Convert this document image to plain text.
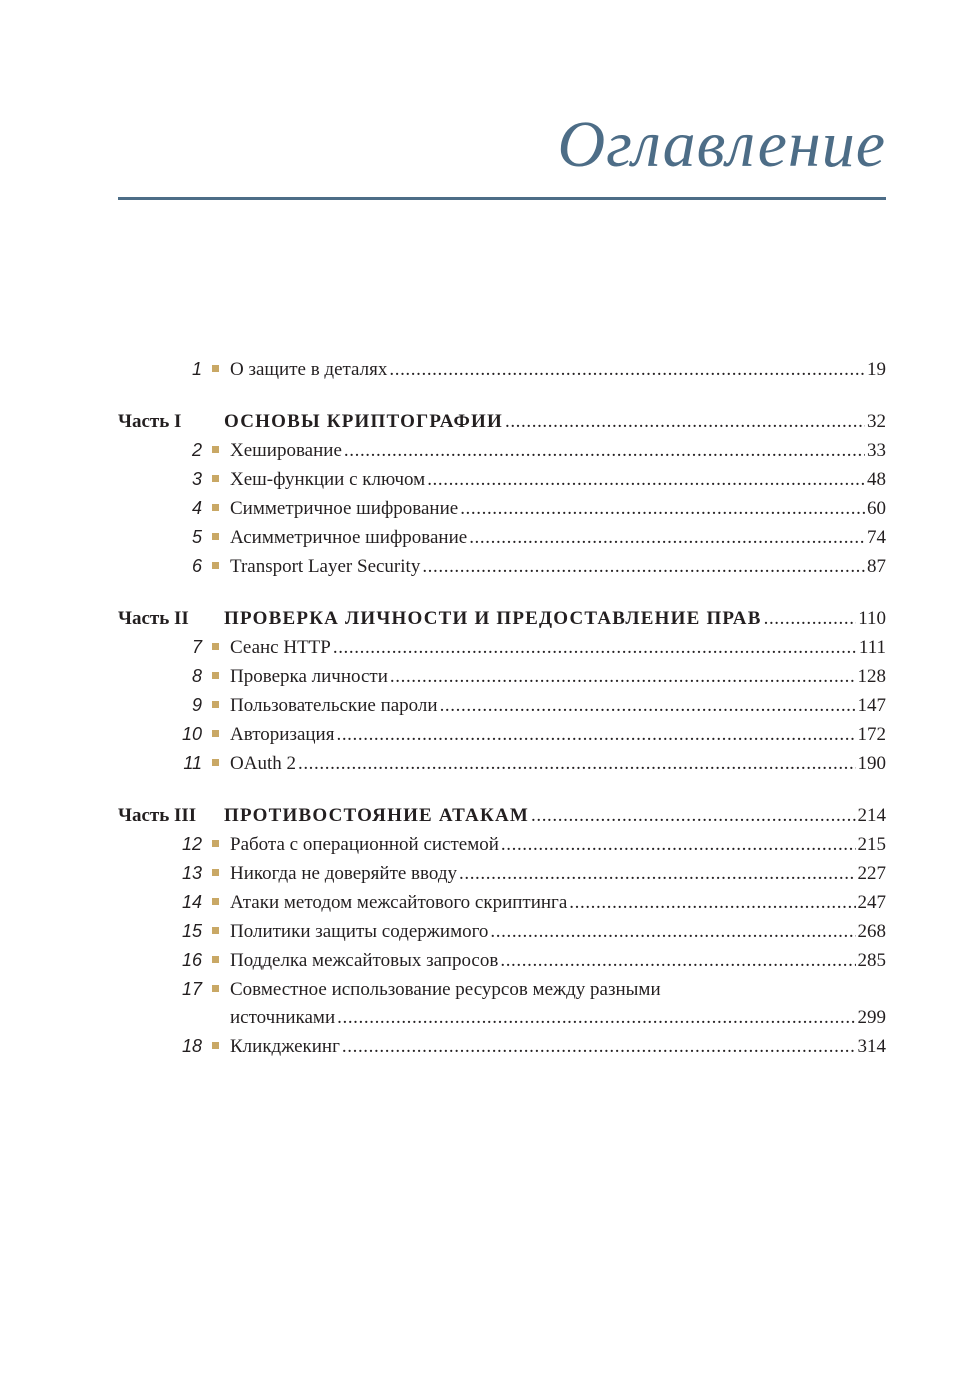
Оглавление
1 О защите в деталях .....	19
Часть I	ОСНОВЫ КРИПТОГРАФИИ .....	32
2 Хеширование .....	33
3 Хеш-функции с ключом .....	48
4 Симметричное шифрование .....	60
5 Асимметричное шифрование .....	74
6 Transport Layer Security .....	87
Часть II	ПРОВЕРКА ЛИЧНОСТИ И ПРЕДОСТАВЛЕНИЕ ПРАВ .....	110
7 Сеанс HTTP .....	111
8 Проверка личности .....	128
9 Пользовательские пароли .....	147
10 Авторизация .....	172
11 OAuth 2 .....	190
Часть III	ПРОТИВОСТОЯНИЕ АТАКАМ .....	214
12 Работа с операционной системой .....	215
13 Никогда не доверяйте вводу .....	227
14 Атаки методом межсайтового скриптинга .....	247
15 Политики защиты содержимого .....	268
16 Подделка межсайтовых запросов .....	285
17 Совместное использование ресурсов между разными
источниками .....	299
18 Кликджекинг .....	314
